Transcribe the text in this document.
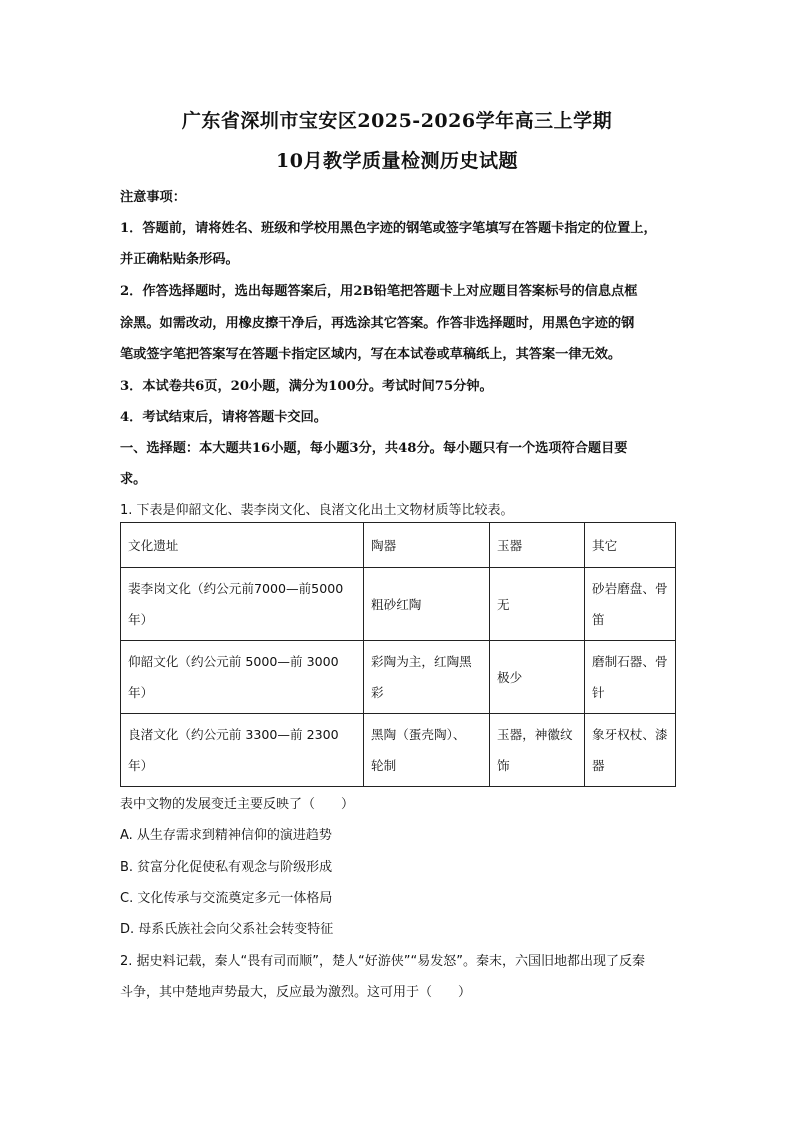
广东省深圳市宝安区2025-2026学年高三上学期
10月教学质量检测历史试题
注意事项：
1．答题前，请将姓名、班级和学校用黑色字迹的钢笔或签字笔填写在答题卡指定的位置上，
并正确粘贴条形码。
2．作答选择题时，选出每题答案后，用2B铅笔把答题卡上对应题目答案标号的信息点框
涂黑。如需改动，用橡皮擦干净后，再选涂其它答案。作答非选择题时，用黑色字迹的钢
笔或签字笔把答案写在答题卡指定区域内，写在本试卷或草稿纸上，其答案一律无效。
3．本试卷共6页，20小题，满分为100分。考试时间75分钟。
4．考试结束后，请将答题卡交回。
一、选择题：本大题共16小题，每小题3分，共48分。每小题只有一个选项符合题目要
求。
1. 下表是仰韶文化、裴李岗文化、良渚文化出土文物材质等比较表。
文化遗址	陶器	玉器	其它
裴李岗文化（约公元前7000—前5000
年）	粗砂红陶	无	砂岩磨盘、骨
笛
仰韶文化（约公元前 5000—前 3000
年）	彩陶为主，红陶黑
彩	极少	磨制石器、骨
针
良渚文化（约公元前 3300—前 2300
年）	黑陶（蛋壳陶）、
轮制	玉器，神徽纹
饰	象牙权杖、漆
器
表中文物的发展变迁主要反映了（　　）
A. 从生存需求到精神信仰的演进趋势
B. 贫富分化促使私有观念与阶级形成
C. 文化传承与交流奠定多元一体格局
D. 母系氏族社会向父系社会转变特征
2. 据史料记载，秦人“畏有司而顺”，楚人“好游侠”“易发怒”。秦末，六国旧地都出现了反秦
斗争，其中楚地声势最大，反应最为激烈。这可用于（　　）
